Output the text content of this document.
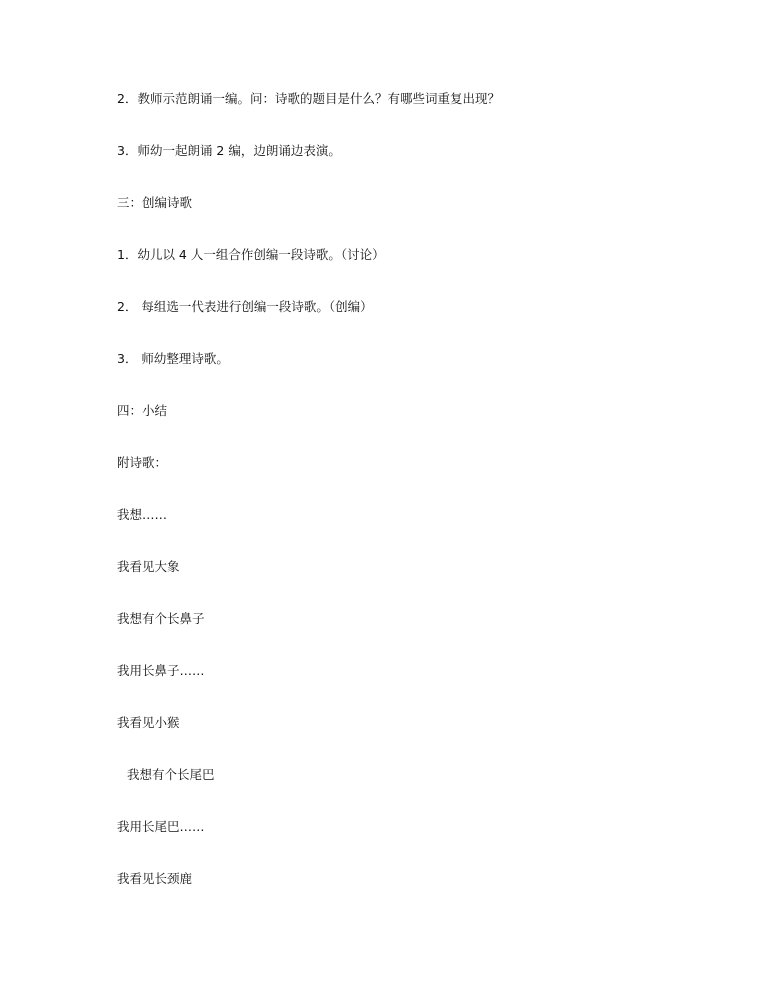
2．教师示范朗诵一编。问：诗歌的题目是什么？有哪些词重复出现？
3．师幼一起朗诵 2 编，边朗诵边表演。
三：创编诗歌
1．幼儿以 4 人一组合作创编一段诗歌。（讨论）
2． 每组选一代表进行创编一段诗歌。（创编）
3． 师幼整理诗歌。
四：小结
附诗歌：
我想……
我看见大象
我想有个长鼻子
我用长鼻子……
我看见小猴
我想有个长尾巴
我用长尾巴……
我看见长颈鹿
